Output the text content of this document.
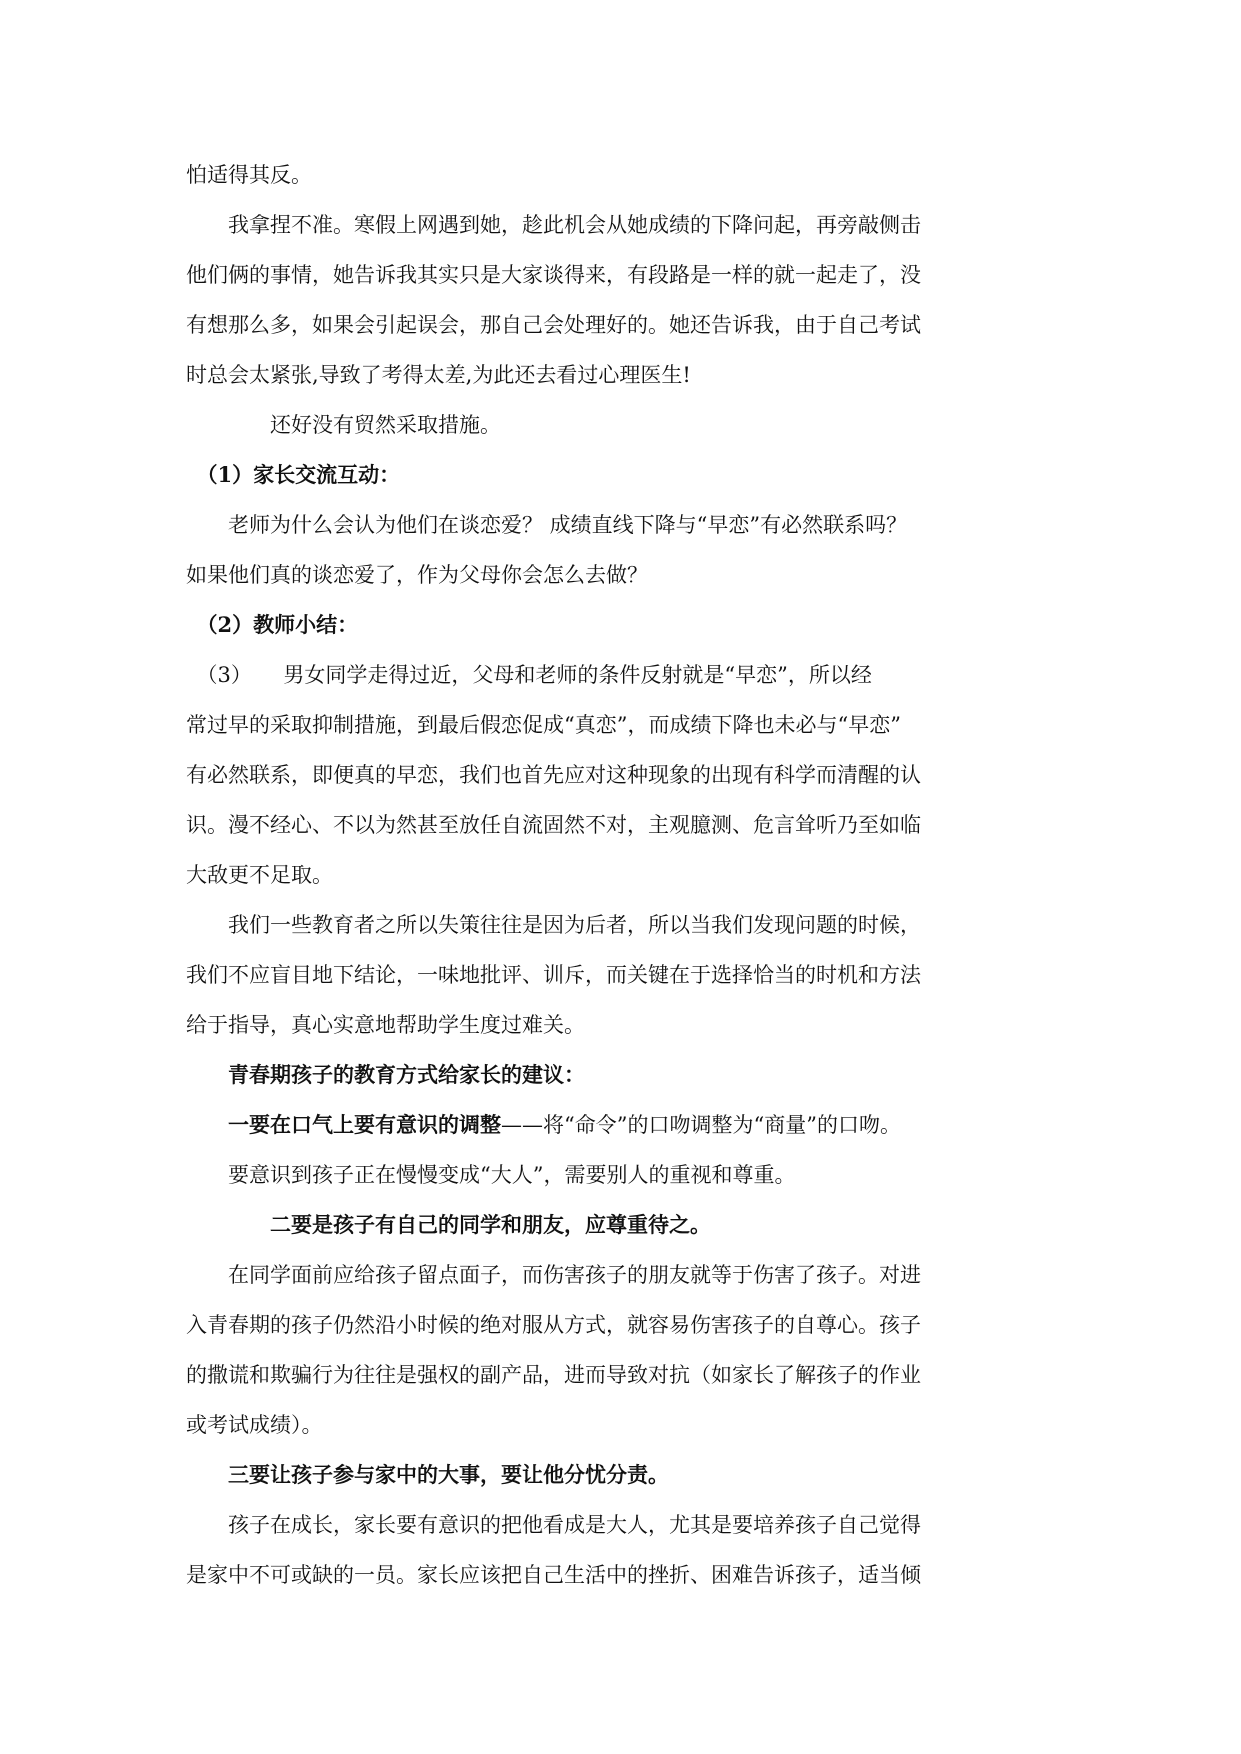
怕适得其反。
　　我拿捏不准。寒假上网遇到她，趁此机会从她成绩的下降问起，再旁敲侧击
他们俩的事情，她告诉我其实只是大家谈得来，有段路是一样的就一起走了，没
有想那么多，如果会引起误会，那自己会处理好的。她还告诉我，由于自己考试
时总会太紧张,导致了考得太差,为此还去看过心理医生!
　　　　还好没有贸然采取措施。
　（1）家长交流互动：
　　老师为什么会认为他们在谈恋爱？ 成绩直线下降与“早恋”有必然联系吗？
如果他们真的谈恋爱了，作为父母你会怎么去做？
　（2）教师小结：
　（3）　　男女同学走得过近，父母和老师的条件反射就是“早恋”，所以经
常过早的采取抑制措施，到最后假恋促成“真恋”，而成绩下降也未必与“早恋”
有必然联系，即便真的早恋，我们也首先应对这种现象的出现有科学而清醒的认
识。漫不经心、不以为然甚至放任自流固然不对，主观臆测、危言耸听乃至如临
大敌更不足取。
　　我们一些教育者之所以失策往往是因为后者，所以当我们发现问题的时候，
我们不应盲目地下结论，一味地批评、训斥，而关键在于选择恰当的时机和方法
给于指导，真心实意地帮助学生度过难关。
　　青春期孩子的教育方式给家长的建议：
　　一要在口气上要有意识的调整——将“命令”的口吻调整为“商量”的口吻。
　　要意识到孩子正在慢慢变成“大人”，需要别人的重视和尊重。
　　　　二要是孩子有自己的同学和朋友，应尊重待之。
　　在同学面前应给孩子留点面子，而伤害孩子的朋友就等于伤害了孩子。对进
入青春期的孩子仍然沿小时候的绝对服从方式，就容易伤害孩子的自尊心。孩子
的撒谎和欺骗行为往往是强权的副产品，进而导致对抗（如家长了解孩子的作业
或考试成绩）。
　　三要让孩子参与家中的大事，要让他分忧分责。
　　孩子在成长，家长要有意识的把他看成是大人，尤其是要培养孩子自己觉得
是家中不可或缺的一员。家长应该把自己生活中的挫折、困难告诉孩子，适当倾
